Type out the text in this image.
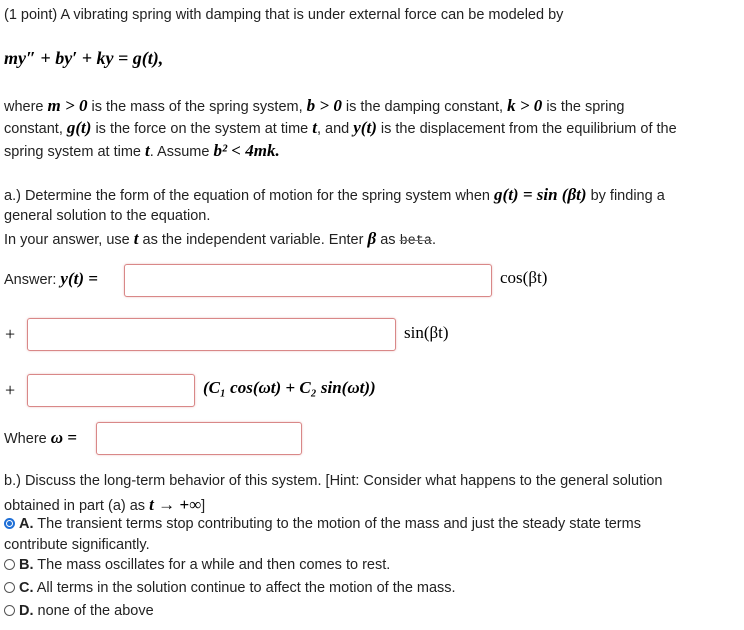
(1 point) A vibrating spring with damping that is under external force can be modeled by
my″ + by′ + ky = g(t),
where m > 0 is the mass of the spring system, b > 0 is the damping constant, k > 0 is the spring
constant, g(t) is the force on the system at time t, and y(t) is the displacement from the equilibrium of the
spring system at time t. Assume b² < 4mk.
a.) Determine the form of the equation of motion for the spring system when g(t) = sin (βt) by finding a
general solution to the equation.
In your answer, use t as the independent variable. Enter β as beta.
Answer: y(t) =	cos(βt)
+	sin(βt)
+	(C₁ cos(ωt) + C₂ sin(ωt))
Where ω =
b.) Discuss the long-term behavior of this system. [Hint: Consider what happens to the general solution
obtained in part (a) as t → +∞]
A. The transient terms stop contributing to the motion of the mass and just the steady state terms
contribute significantly.
B. The mass oscillates for a while and then comes to rest.
C. All terms in the solution continue to affect the motion of the mass.
D. none of the above
